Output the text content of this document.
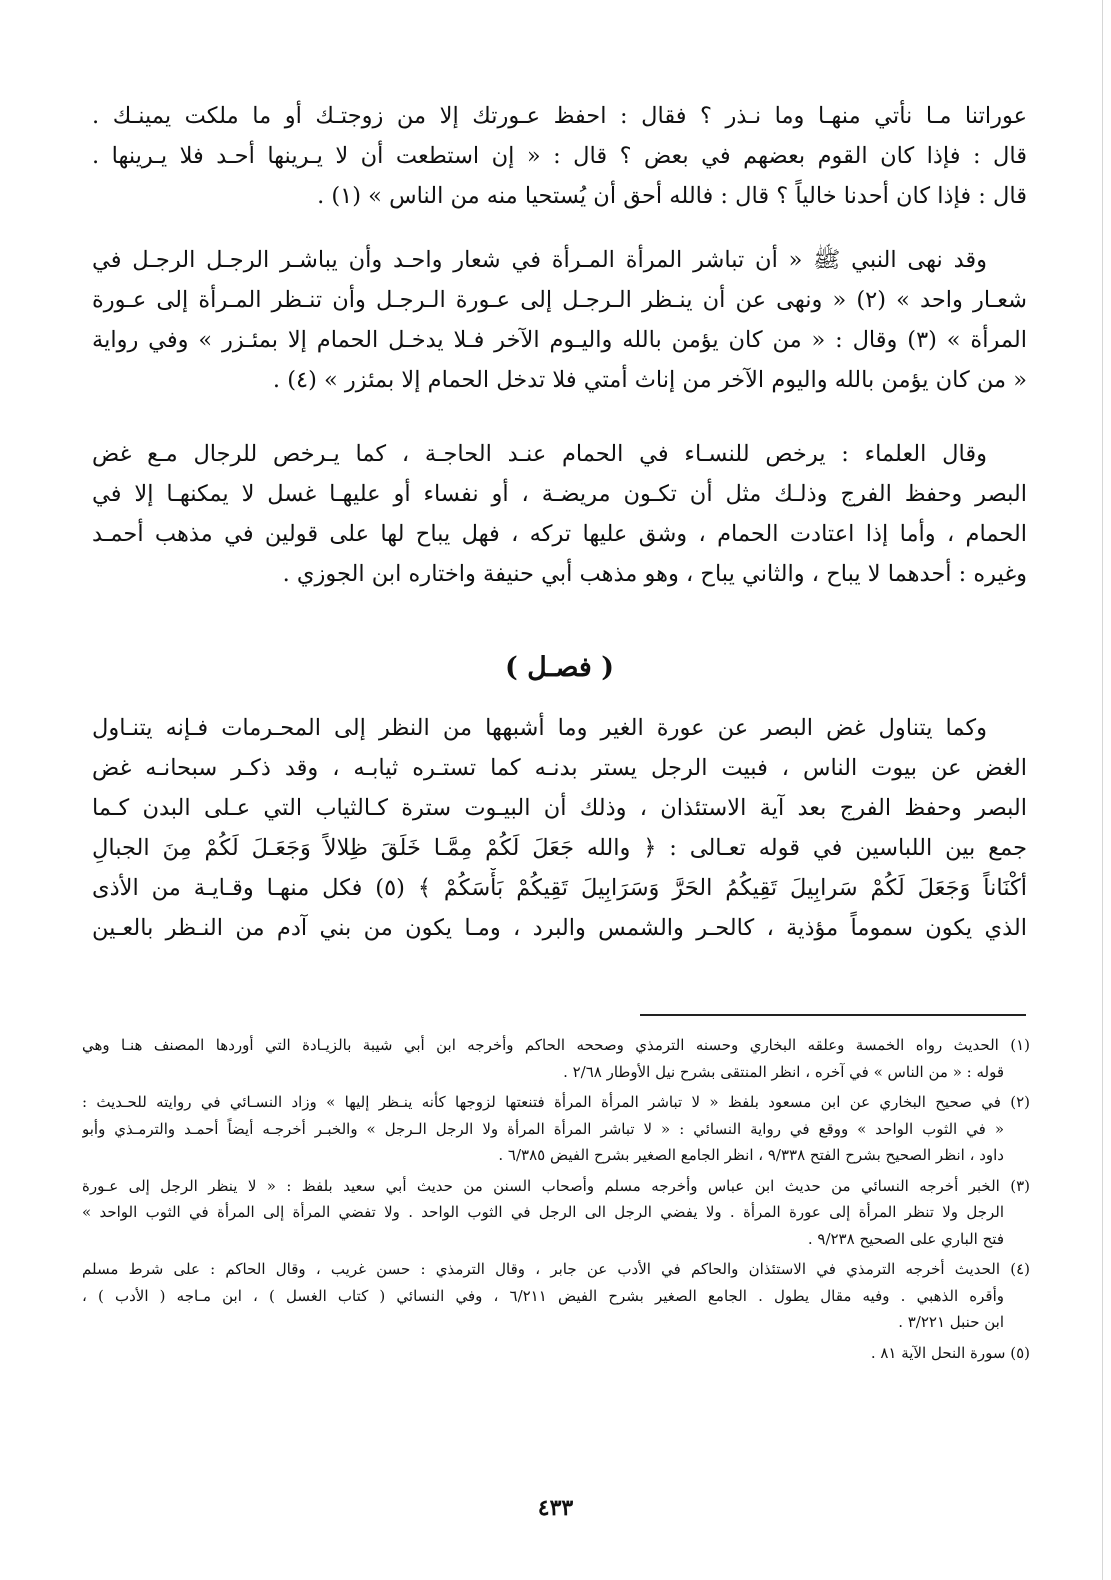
عوراتنا مـا نأتي منهـا وما نـذر ؟ فقال : احفظ عـورتك إلا من زوجتـك أو ما ملكت يمينـك .
قال : فإذا كان القوم بعضهم في بعض ؟ قال : « إن استطعت أن لا يـرينها أحـد فلا يـرينها .
قال : فإذا كان أحدنا خالياً ؟ قال : فالله أحق أن يُستحيا منه من الناس » (١) .
وقد نهى النبي ﷺ « أن تباشر المرأة المـرأة في شعار واحـد وأن يباشـر الرجـل الرجـل في
شعـار واحد » (٢) « ونهى عن أن ينـظر الـرجـل إلى عـورة الـرجـل وأن تنـظر المـرأة إلى عـورة
المرأة » (٣) وقال : « من كان يؤمن بالله واليـوم الآخر فـلا يدخـل الحمام إلا بمئـزر » وفي رواية
« من كان يؤمن بالله واليوم الآخر من إناث أمتي فلا تدخل الحمام إلا بمئزر » (٤) .
وقال العلماء : يرخص للنسـاء في الحمام عنـد الحاجـة ، كما يـرخص للرجال مـع غض
البصر وحفظ الفرج وذلـك مثل أن تكـون مريضـة ، أو نفساء أو عليهـا غسل لا يمكنهـا إلا في
الحمام ، وأما إذا اعتادت الحمام ، وشق عليها تركه ، فهل يباح لها على قولين في مذهب أحمـد
وغيره : أحدهما لا يباح ، والثاني يباح ، وهو مذهب أبي حنيفة واختاره ابن الجوزي .
( فصـل )
وكما يتناول غض البصر عن عورة الغير وما أشبهها من النظر إلى المحـرمات فـإنه يتنـاول
الغض عن بيوت الناس ، فبيت الرجل يستر بدنـه كما تستـره ثيابـه ، وقد ذكـر سبحانـه غض
البصر وحفظ الفرج بعد آية الاستئذان ، وذلك أن البيـوت سترة كـالثياب التي عـلى البدن كـما
جمع بين اللباسين في قوله تعـالى : ﴿ والله جَعَلَ لَكُمْ مِمَّـا خَلَقَ ظِلالاً وَجَعَـلَ لَكُمْ مِنَ الجبالِ
أكْنَاناً وَجَعَلَ لَكُمْ سَرابِيلَ تَقِيكُمُ الحَرَّ وَسَرَابِيلَ تَقِيكُمْ بَأْسَكُمْ ﴾ (٥) فكل منهـا وقـايـة من الأذى
الذي يكون سموماً مؤذية ، كالحـر والشمس والبرد ، ومـا يكون من بني آدم من النـظر بالعـين
(١) الحديث رواه الخمسة وعلقه البخاري وحسنه الترمذي وصححه الحاكم وأخرجه ابن أبي شيبة بالزيـادة التي أوردها المصنف هنـا وهي
قوله : « من الناس » في آخره ، انظر المنتقى بشرح نيل الأوطار ٢/٦٨ .
(٢) في صحيح البخاري عن ابن مسعود بلفظ « لا تباشر المرأة المرأة فتنعتها لزوجها كأنه ينـظر إليها » وزاد النسـائي في روايته للحـديث :
« في الثوب الواحد » ووقع في رواية النسائي : « لا تباشر المرأة المرأة ولا الرجل الـرجل » والخبـر أخرجـه أيضاً أحمـد والترمـذي وأبو
داود ، انظر الصحيح بشرح الفتح ٩/٣٣٨ ، انظر الجامع الصغير بشرح الفيض ٦/٣٨٥ .
(٣) الخبر أخرجه النسائي من حديث ابن عباس وأخرجه مسلم وأصحاب السنن من حديث أبي سعيد بلفظ : « لا ينظر الرجل إلى عـورة
الرجل ولا تنظر المرأة إلى عورة المرأة . ولا يفضي الرجل الى الرجل في الثوب الواحد . ولا تفضي المرأة إلى المرأة في الثوب الواحد »
فتح الباري على الصحيح ٩/٢٣٨ .
(٤) الحديث أخرجه الترمذي في الاستئذان والحاكم في الأدب عن جابر ، وقال الترمذي : حسن غريب ، وقال الحاكم : على شرط مسلم
وأقره الذهبي . وفيه مقال يطول . الجامع الصغير بشرح الفيض ٦/٢١١ ، وفي النسائي ( كتاب الغسل ) ، ابن مـاجه ( الأدب ) ،
ابن حنبل ٣/٢٢١ .
(٥) سورة النحل الآية ٨١ .
٤٣٣
